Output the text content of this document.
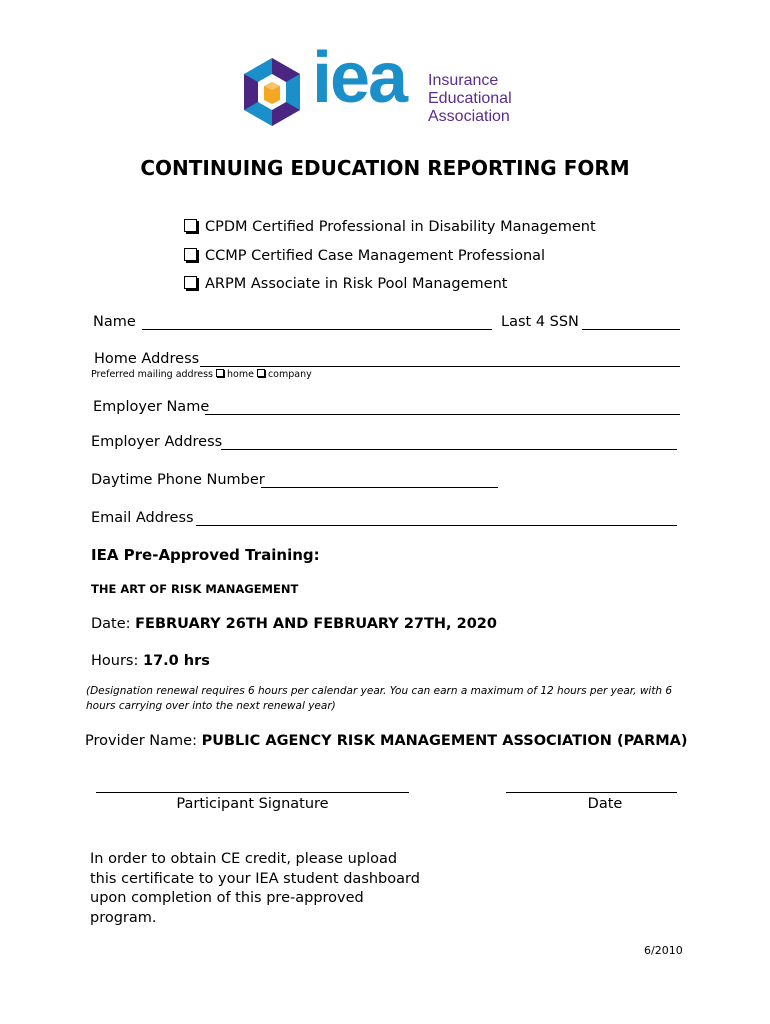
iea Insurance
Educational
Association
CONTINUING EDUCATION REPORTING FORM
CPDM Certified Professional in Disability Management
CCMP Certified Case Management Professional
ARPM Associate in Risk Pool Management
Name	Last 4 SSN
Home Address
Preferred mailing address home company
Employer Name
Employer Address
Daytime Phone Number
Email Address
IEA Pre-Approved Training:
THE ART OF RISK MANAGEMENT
Date: FEBRUARY 26TH AND FEBRUARY 27TH, 2020
Hours: 17.0 hrs
(Designation renewal requires 6 hours per calendar year. You can earn a maximum of 12 hours per year, with 6 hours carrying over into the next renewal year)
Provider Name: PUBLIC AGENCY RISK MANAGEMENT ASSOCIATION (PARMA)
Participant Signature	Date
In order to obtain CE credit, please upload this certificate to your IEA student dashboard upon completion of this pre-approved program.
6/2010
